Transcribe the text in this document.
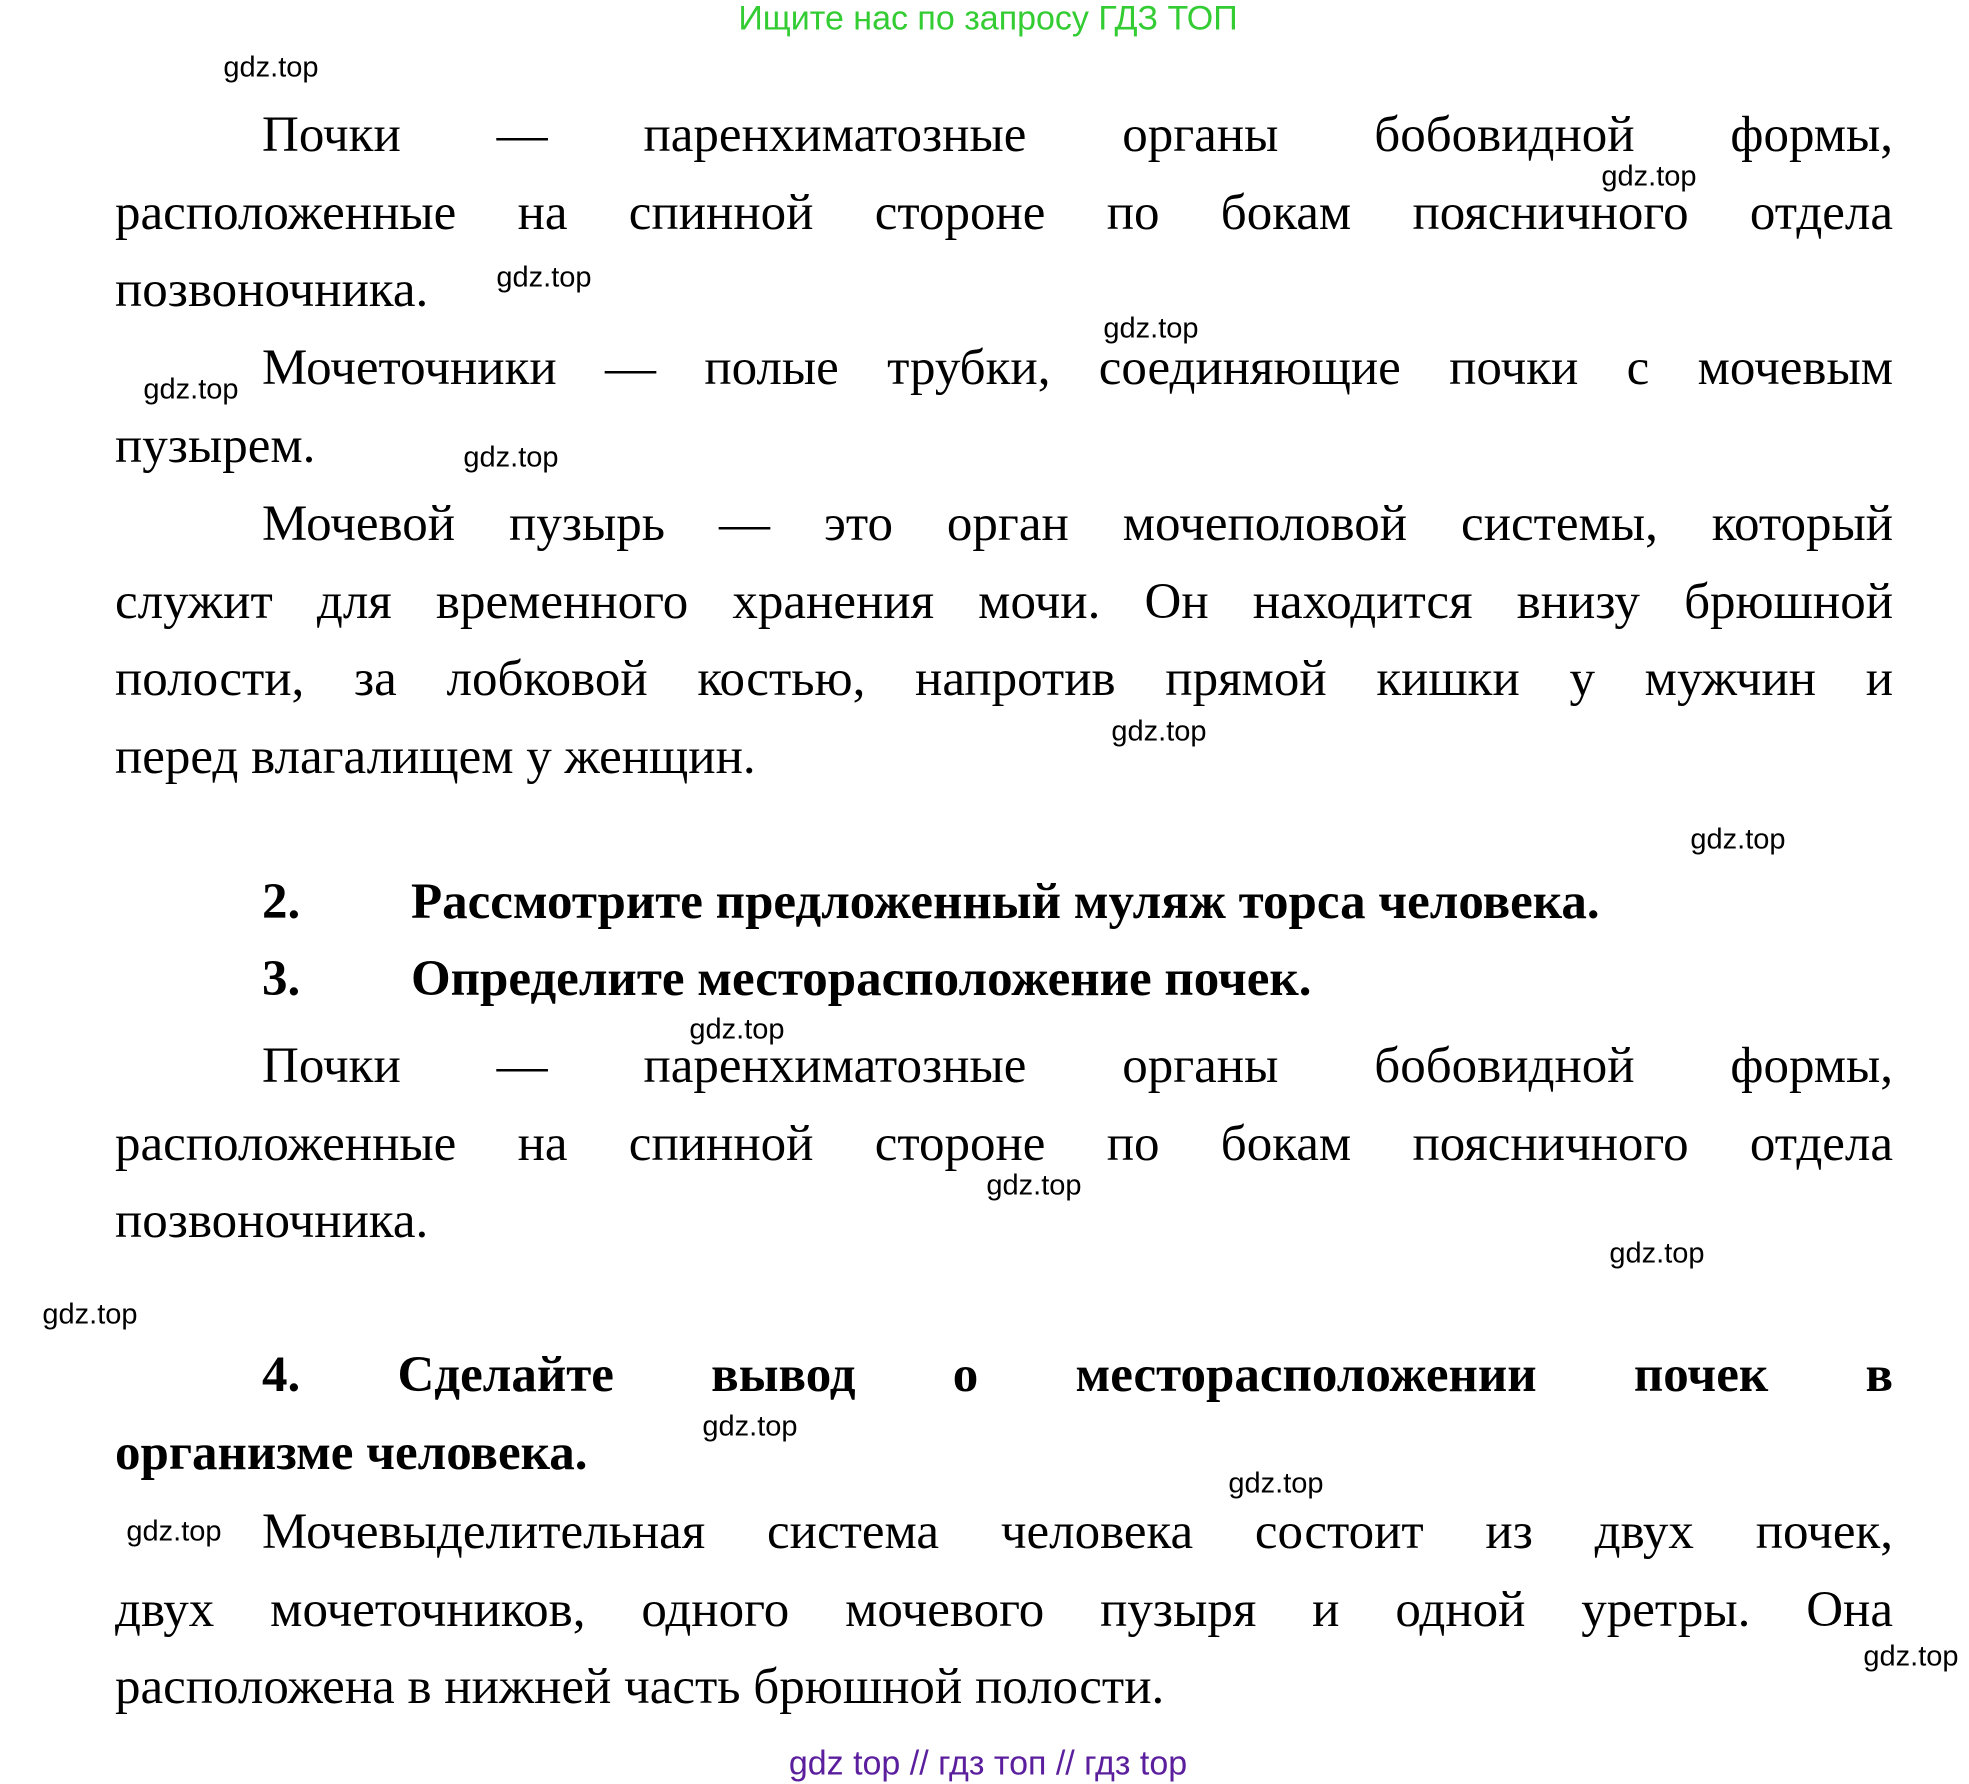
Ищите нас по запросу ГДЗ ТОП
Почки — паренхиматозные органы бобовидной формы,
расположенные на спинной стороне по бокам поясничного отдела
позвоночника.
Мочеточники — полые трубки, соединяющие почки с мочевым
пузырем.
Мочевой пузырь — это орган мочеполовой системы, который
служит для временного хранения мочи. Он находится внизу брюшной
полости, за лобковой костью, напротив прямой кишки у мужчин и
перед влагалищем у женщин.
2. Рассмотрите предложенный муляж торса человека.
3. Определите месторасположение почек.
Почки — паренхиматозные органы бобовидной формы,
расположенные на спинной стороне по бокам поясничного отдела
позвоночника.
4. Сделайте вывод о месторасположении почек в
организме человека.
Мочевыделительная система человека состоит из двух почек,
двух мочеточников, одного мочевого пузыря и одной уретры. Она
расположена в нижней часть брюшной полости.
gdz.top
gdz.top
gdz.top
gdz.top
gdz.top
gdz.top
gdz.top
gdz.top
gdz.top
gdz.top
gdz.top
gdz.top
gdz.top
gdz.top
gdz.top
gdz.top
gdz top // гдз топ // гдз top
